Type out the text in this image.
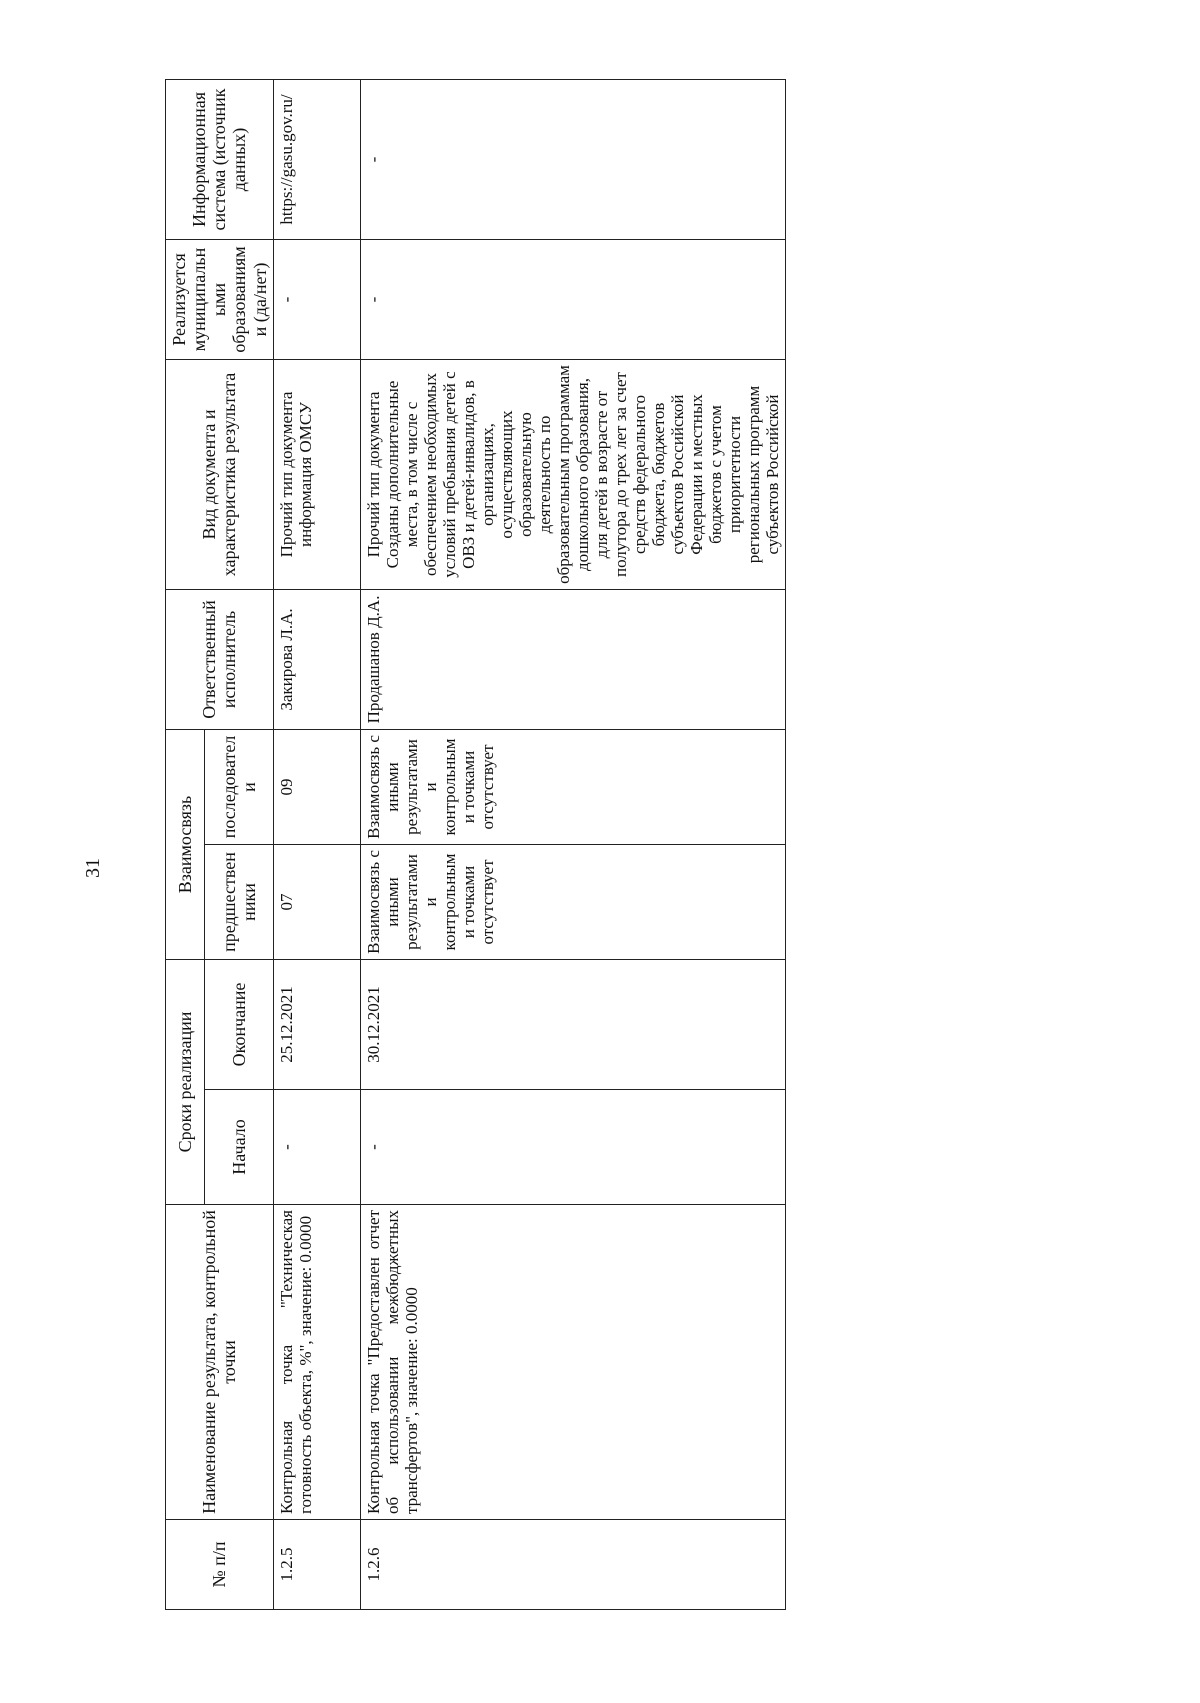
31
№ п/п	Наименование результата, контрольной точки	Сроки реализации		Взаимосвязь		Ответственный исполнитель	Вид документа и характеристика результата	Реализуется муниципальными образованиями (да/нет)	Информационная система (источник данных)
		Начало	Окончание	предшественники	последователи				
1.2.5	Контрольная точка "Техническая готовность объекта, %", значение: 0.0000	-	25.12.2021	07	09	Закирова Л.А.	Прочий тип документа информация ОМСУ	-	https://gasu.gov.ru/
1.2.6	Контрольная точка "Предоставлен отчет об использовании межбюджетных трансфертов", значение: 0.0000	-	30.12.2021	Взаимосвязь с иными результатами и контрольными точками отсутствует	Взаимосвязь с иными результатами и контрольными точками отсутствует	Продашанов Д.А.	Прочий тип документа Созданы дополнительные места, в том числе с обеспечением необходимых условий пребывания детей с ОВЗ и детей-инвалидов, в организациях, осуществляющих образовательную деятельность по образовательным программам дошкольного образования, для детей в возрасте от полутора до трех лет за счет средств федерального бюджета, бюджетов субъектов Российской Федерации и местных бюджетов с учетом приоритетности региональных программ субъектов Российской	-	-
